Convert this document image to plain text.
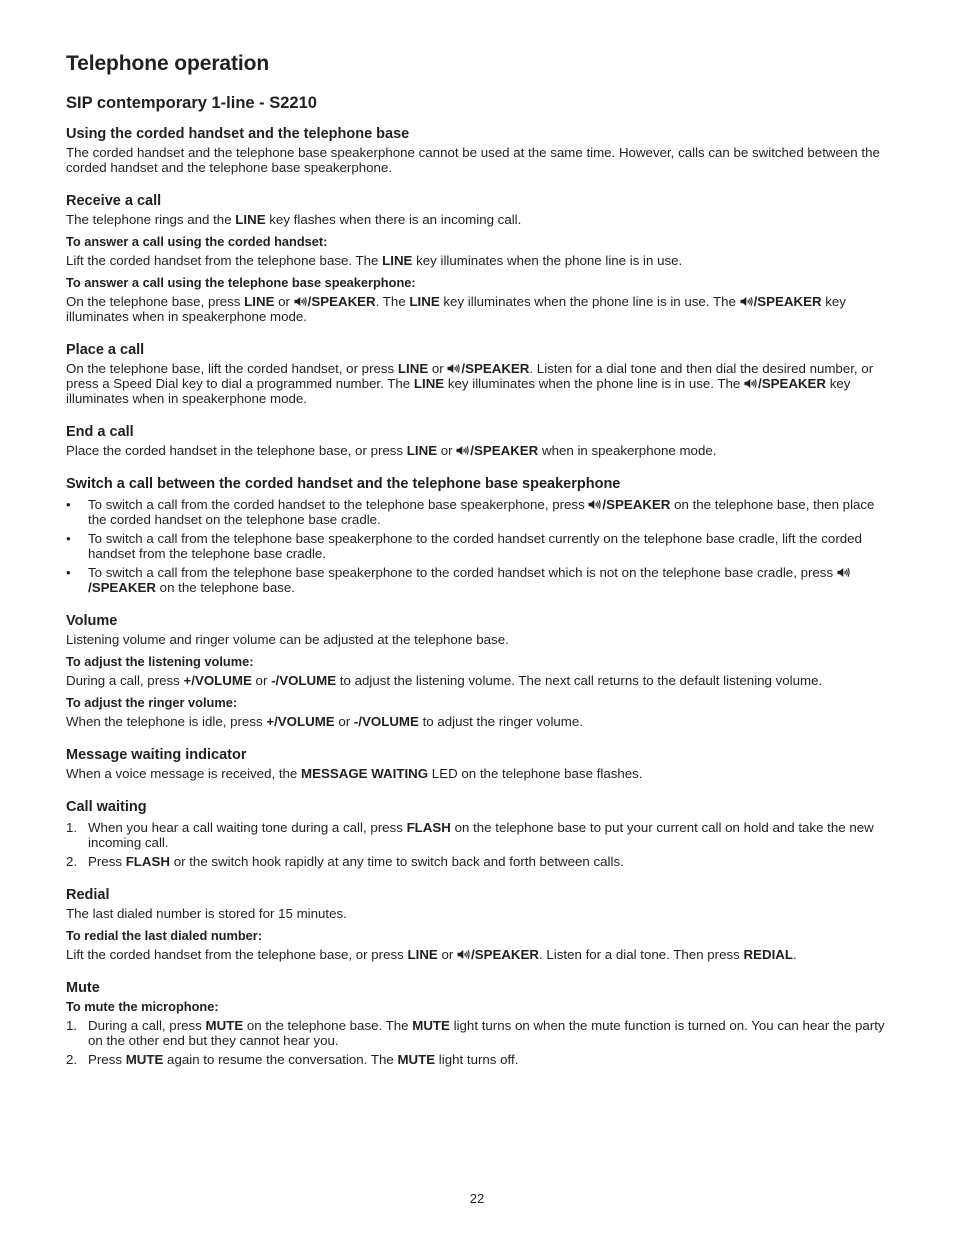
Telephone operation
SIP contemporary 1-line - S2210
Using the corded handset and the telephone base

The corded handset and the telephone base speakerphone cannot be used at the same time. However, calls can be switched between the corded handset and the telephone base speakerphone.

Receive a call

The telephone rings and the LINE key flashes when there is an incoming call.

To answer a call using the corded handset:

Lift the corded handset from the telephone base. The LINE key illuminates when the phone line is in use.

To answer a call using the telephone base speakerphone:

On the telephone base, press LINE or /SPEAKER. The LINE key illuminates when the phone line is in use. The /SPEAKER key illuminates when in speakerphone mode.

Place a call

On the telephone base, lift the corded handset, or press LINE or /SPEAKER. Listen for a dial tone and then dial the desired number, or press a Speed Dial key to dial a programmed number. The LINE key illuminates when the phone line is in use. The /SPEAKER key illuminates when in speakerphone mode.

End a call

Place the corded handset in the telephone base, or press LINE or /SPEAKER when in speakerphone mode.

Switch a call between the corded handset and the telephone base speakerphone
• To switch a call from the corded handset to the telephone base speakerphone, press /SPEAKER on the telephone base, then place the corded handset on the telephone base cradle.
• To switch a call from the telephone base speakerphone to the corded handset currently on the telephone base cradle, lift the corded handset from the telephone base cradle.
• To switch a call from the telephone base speakerphone to the corded handset which is not on the telephone base cradle, press /SPEAKER on the telephone base.
Volume

Listening volume and ringer volume can be adjusted at the telephone base.

To adjust the listening volume:

During a call, press +/VOLUME or -/VOLUME to adjust the listening volume. The next call returns to the default listening volume.

To adjust the ringer volume:

When the telephone is idle, press +/VOLUME or -/VOLUME to adjust the ringer volume.

Message waiting indicator

When a voice message is received, the MESSAGE WAITING LED on the telephone base flashes.

Call waiting
1. When you hear a call waiting tone during a call, press FLASH on the telephone base to put your current call on hold and take the new incoming call.
2. Press FLASH or the switch hook rapidly at any time to switch back and forth between calls.
Redial

The last dialed number is stored for 15 minutes.

To redial the last dialed number:

Lift the corded handset from the telephone base, or press LINE or /SPEAKER. Listen for a dial tone. Then press REDIAL.

Mute
To mute the microphone:
1. During a call, press MUTE on the telephone base. The MUTE light turns on when the mute function is turned on. You can hear the party on the other end but they cannot hear you.
2. Press MUTE again to resume the conversation. The MUTE light turns off.
22
